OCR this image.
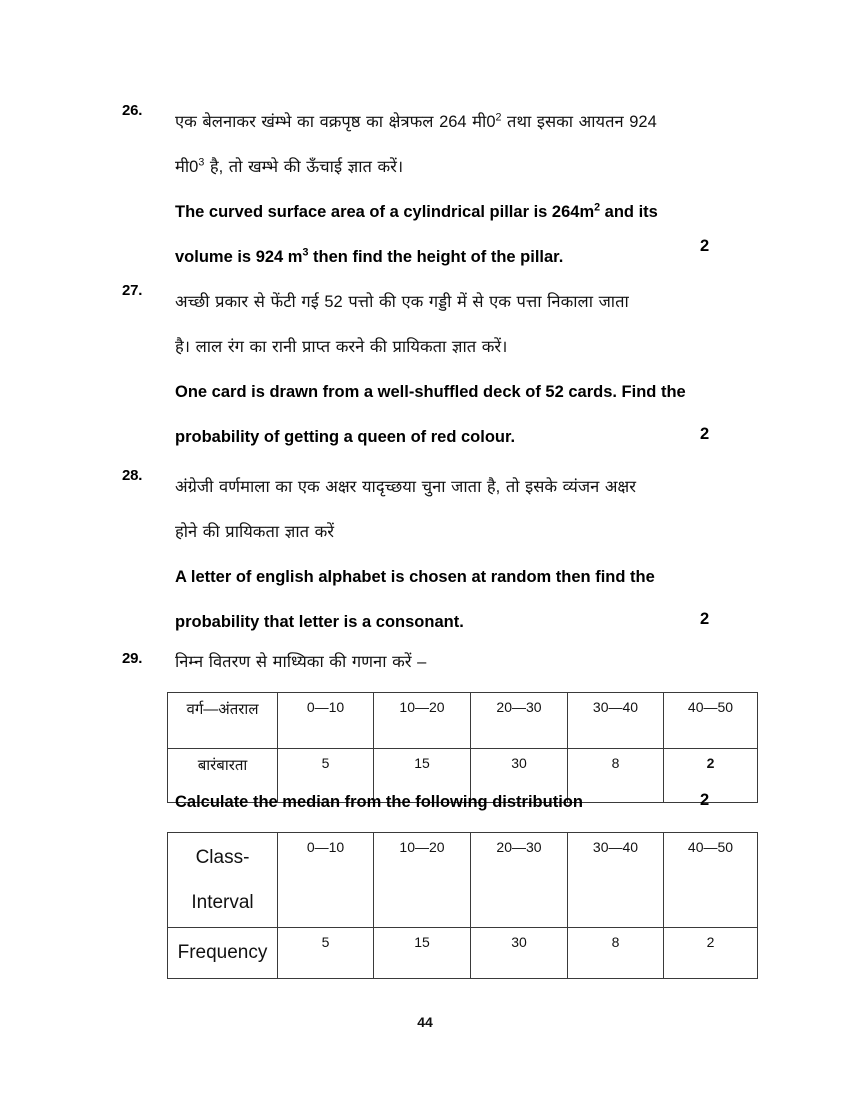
26.
एक बेलनाकर खंम्भे का वक्रपृष्ठ का क्षेत्रफल 264 $मी0^2$ तथा इसका आयतन 924
$मी0^3$ है, तो खम्भे की ऊँचाई ज्ञात करें।
The curved surface area of a cylindrical pillar is $264m^2$ and its
volume is 924 $m^3$ then find the height of the pillar.
2
27.
अच्छी प्रकार से फेंटी गई 52 पत्तो की एक गड्डी में से एक पत्ता निकाला जाता
है। लाल रंग का रानी प्राप्त करने की प्रायिकता ज्ञात करें।
One card is drawn from a well-shuffled deck of 52 cards. Find the
probability of getting a queen of red colour.	2
28.
अंग्रेजी वर्णमाला का एक अक्षर यादृच्छया चुना जाता है, तो इसके व्यंजन अक्षर
होने की प्रायिकता ज्ञात करें
A letter of english alphabet is chosen at random then find the
probability that letter is a consonant.	2
29.	निम्न वितरण से माध्यिका की गणना करें –
वर्ग—अंतराल	0—10	10—20	20—30	30—40	40—50
बारंबारता	5	15	30	8	2
Calculate the median from the following distribution	2
Class-
Interval	0—10	10—20	20—30	30—40	40—50

Frequency	5	15	30	8	2
44
